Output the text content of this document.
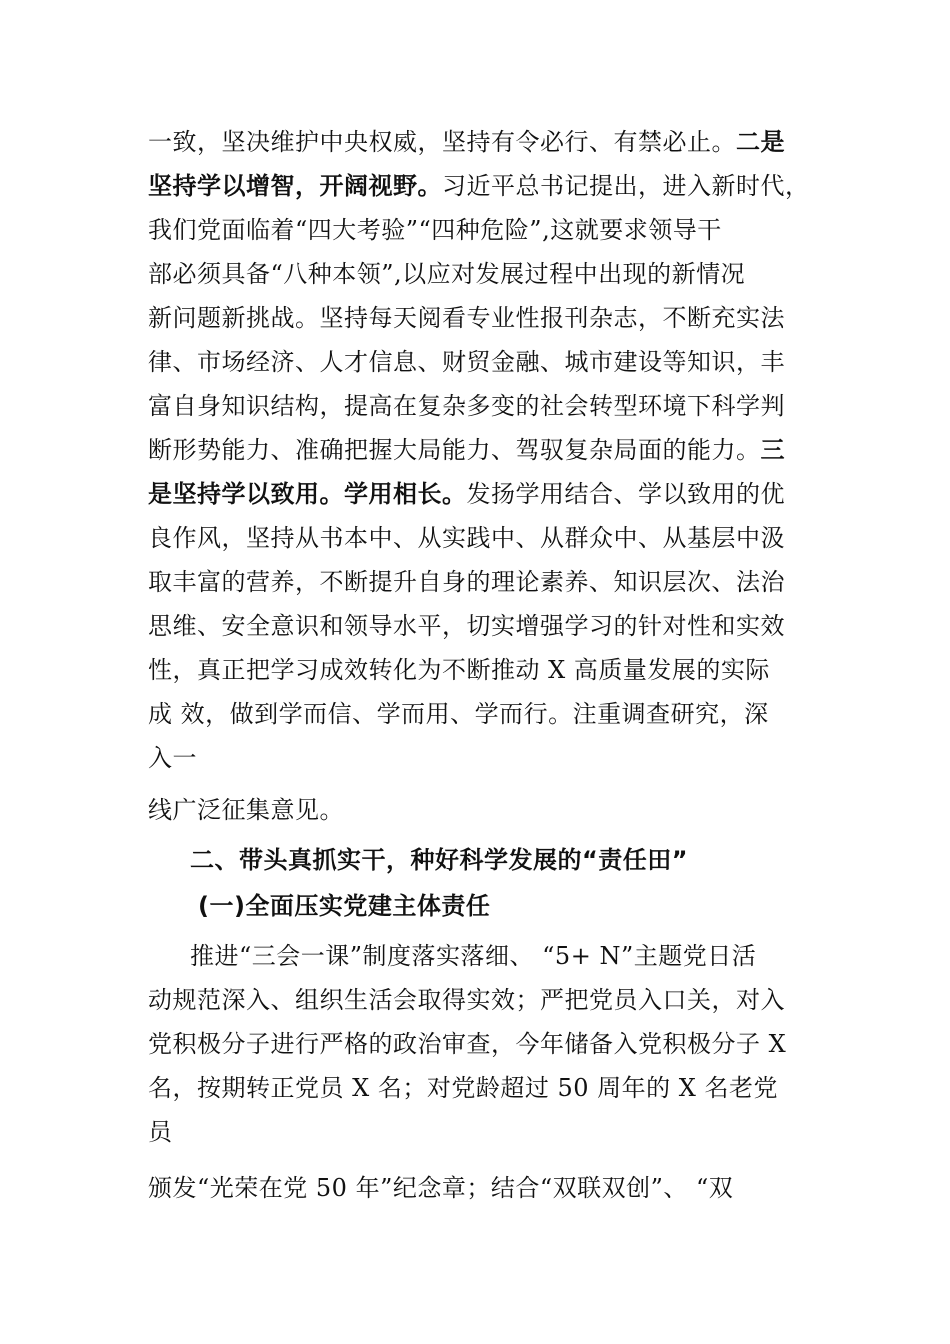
一致，坚决维护中央权威，坚持有令必行、有禁必止。二是
坚持学以增智，开阔视野。习近平总书记提出，进入新时代，
我们党面临着“四大考验”“四种危险”,这就要求领导干
部必须具备“八种本领”,以应对发展过程中出现的新情况
新问题新挑战。坚持每天阅看专业性报刊杂志，不断充实法
律、市场经济、人才信息、财贸金融、城市建设等知识，丰
富自身知识结构，提高在复杂多变的社会转型环境下科学判
断形势能力、准确把握大局能力、驾驭复杂局面的能力。三
是坚持学以致用。学用相长。发扬学用结合、学以致用的优
良作风，坚持从书本中、从实践中、从群众中、从基层中汲
取丰富的营养，不断提升自身的理论素养、知识层次、法治
思维、安全意识和领导水平，切实增强学习的针对性和实效
性，真正把学习成效转化为不断推动 X 高质量发展的实际
成 效，做到学而信、学而用、学而行。注重调查研究，深
入一
线广泛征集意见。
二、带头真抓实干，种好科学发展的“责任田”
(一)全面压实党建主体责任
推进“三会一课”制度落实落细、 “5+ N”主题党日活
动规范深入、组织生活会取得实效；严把党员入口关，对入
党积极分子进行严格的政治审查，今年储备入党积极分子 X
名，按期转正党员 X 名；对党龄超过 50 周年的 X 名老党
员
颁发“光荣在党 50 年”纪念章；结合“双联双创”、 “双
